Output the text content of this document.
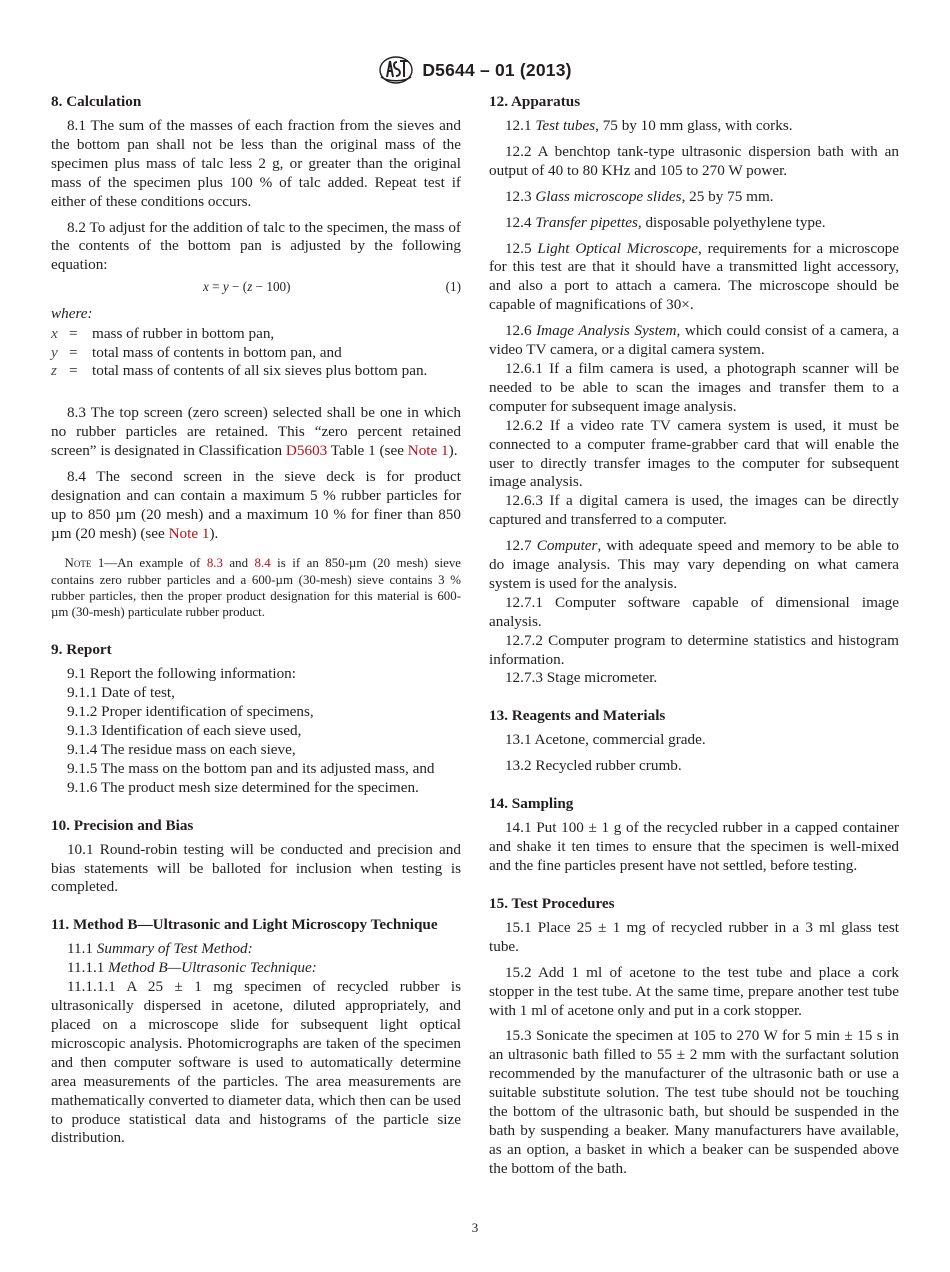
D5644 – 01 (2013)
8. Calculation

8.1 The sum of the masses of each fraction from the sieves and the bottom pan shall not be less than the original mass of the specimen plus mass of talc less 2 g, or greater than the original mass of the specimen plus 100 % of talc added. Repeat test if either of these conditions occurs.

8.2 To adjust for the addition of talc to the specimen, the mass of the contents of the bottom pan is adjusted by the following equation:

x = y − (z − 100)	(1)
where:
x = mass of rubber in bottom pan,
y = total mass of contents in bottom pan, and
z = total mass of contents of all six sieves plus bottom pan.

8.3 The top screen (zero screen) selected shall be one in which no rubber particles are retained. This “zero percent retained screen” is designated in Classification D5603 Table 1 (see Note 1).

8.4 The second screen in the sieve deck is for product designation and can contain a maximum 5 % rubber particles for up to 850 µm (20 mesh) and a maximum 10 % for finer than 850 µm (20 mesh) (see Note 1).

Note 1—An example of 8.3 and 8.4 is if an 850-µm (20 mesh) sieve contains zero rubber particles and a 600-µm (30-mesh) sieve contains 3 % rubber particles, then the proper product designation for this material is 600-µm (30-mesh) particulate rubber product.

9. Report

9.1 Report the following information:

9.1.1 Date of test,

9.1.2 Proper identification of specimens,

9.1.3 Identification of each sieve used,

9.1.4 The residue mass on each sieve,

9.1.5 The mass on the bottom pan and its adjusted mass, and

9.1.6 The product mesh size determined for the specimen.

10. Precision and Bias

10.1 Round-robin testing will be conducted and precision and bias statements will be balloted for inclusion when testing is completed.

11. Method B—Ultrasonic and Light Microscopy Technique

11.1 Summary of Test Method:

11.1.1 Method B—Ultrasonic Technique:

11.1.1.1 A 25 ± 1 mg specimen of recycled rubber is ultrasonically dispersed in acetone, diluted appropriately, and placed on a microscope slide for subsequent light optical microscopic analysis. Photomicrographs are taken of the specimen and then computer software is used to automatically determine area measurements of the particles. The area measurements are mathematically converted to diameter data, which then can be used to produce statistical data and histograms of the particle size distribution.

12. Apparatus

12.1 Test tubes, 75 by 10 mm glass, with corks.

12.2 A benchtop tank-type ultrasonic dispersion bath with an output of 40 to 80 KHz and 105 to 270 W power.

12.3 Glass microscope slides, 25 by 75 mm.

12.4 Transfer pipettes, disposable polyethylene type.

12.5 Light Optical Microscope, requirements for a microscope for this test are that it should have a transmitted light accessory, and also a port to attach a camera. The microscope should be capable of magnifications of 30×.

12.6 Image Analysis System, which could consist of a camera, a video TV camera, or a digital camera system.

12.6.1 If a film camera is used, a photograph scanner will be needed to be able to scan the images and transfer them to a computer for subsequent image analysis.

12.6.2 If a video rate TV camera system is used, it must be connected to a computer frame-grabber card that will enable the user to directly transfer images to the computer for subsequent image analysis.

12.6.3 If a digital camera is used, the images can be directly captured and transferred to a computer.

12.7 Computer, with adequate speed and memory to be able to do image analysis. This may vary depending on what camera system is used for the analysis.

12.7.1 Computer software capable of dimensional image analysis.

12.7.2 Computer program to determine statistics and histogram information.

12.7.3 Stage micrometer.

13. Reagents and Materials

13.1 Acetone, commercial grade.

13.2 Recycled rubber crumb.

14. Sampling

14.1 Put 100 ± 1 g of the recycled rubber in a capped container and shake it ten times to ensure that the specimen is well-mixed and the fine particles present have not settled, before testing.

15. Test Procedures

15.1 Place 25 ± 1 mg of recycled rubber in a 3 ml glass test tube.

15.2 Add 1 ml of acetone to the test tube and place a cork stopper in the test tube. At the same time, prepare another test tube with 1 ml of acetone only and put in a cork stopper.

15.3 Sonicate the specimen at 105 to 270 W for 5 min ± 15 s in an ultrasonic bath filled to 55 ± 2 mm with the surfactant solution recommended by the manufacturer of the ultrasonic bath or use a suitable substitute solution. The test tube should not be touching the bottom of the ultrasonic bath, but should be suspended in the bath by suspending a beaker. Many manufacturers have available, as an option, a basket in which a beaker can be suspended above the bottom of the bath.

3
